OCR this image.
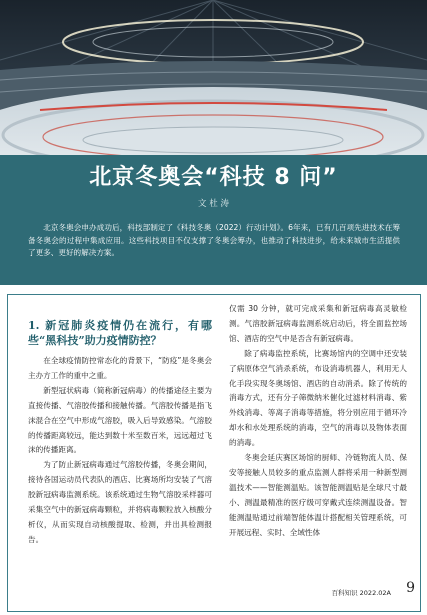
北京冬奥会“科技 8 问”
文 杜 涛
北京冬奥会申办成功后，科技部制定了《科技冬奥（2022）行动计划》。6年来，已有几百项先进技术在筹备冬奥会的过程中集成应用。这些科技项目不仅支撑了冬奥会筹办，也推动了科技进步，给未来城市生活提供了更多、更好的解决方案。
1. 新冠肺炎疫情仍在流行，有哪些“黑科技”助力疫情防控？

在全球疫情防控常态化的背景下，“防疫”是冬奥会主办方工作的重中之重。

新型冠状病毒（简称新冠病毒）的传播途径主要为直接传播、气溶胶传播和接触传播。气溶胶传播是指飞沫混合在空气中形成气溶胶，吸入后导致感染。气溶胶的传播距离较远，能达到数十米至数百米，远远超过飞沫的传播距离。

为了防止新冠病毒通过气溶胶传播，冬奥会期间，接待各国运动员代表队的酒店、比赛场所均安装了气溶胶新冠病毒监测系统。该系统通过生物气溶胶采样器可采集空气中的新冠病毒颗粒，并将病毒颗粒放入核酸分析仪，从而实现自动核酸提取、检测，并出具检测报告。

仅需 30 分钟，就可完成采集和新冠病毒高灵敏检测。气溶胶新冠病毒监测系统启动后，将全面监控场馆、酒店的空气中是否含有新冠病毒。

除了病毒监控系统，比赛场馆内的空调中还安装了病原体空气消杀系统，布设消毒机器人，利用无人化手段实现冬奥场馆、酒店的自动消杀。除了传统的消毒方式，还有分子筛微纳米催化过滤材料消毒、紫外线消毒、等离子消毒等措施，将分别应用于循环冷却水和水处理系统的消毒，空气的消毒以及物体表面的消毒。

冬奥会延庆赛区场馆的厨师、冷链物流人员、保安等接触人员较多的重点监测人群将采用一种新型测温技术——智能测温贴。该智能测温贴是全球尺寸最小、测温最精准的医疗级可穿戴式连续测温设备。智能测温贴通过前端智能体温计搭配相关管理系统，可开展远程、实时、全域性体

百科知识 2022.02A 9
